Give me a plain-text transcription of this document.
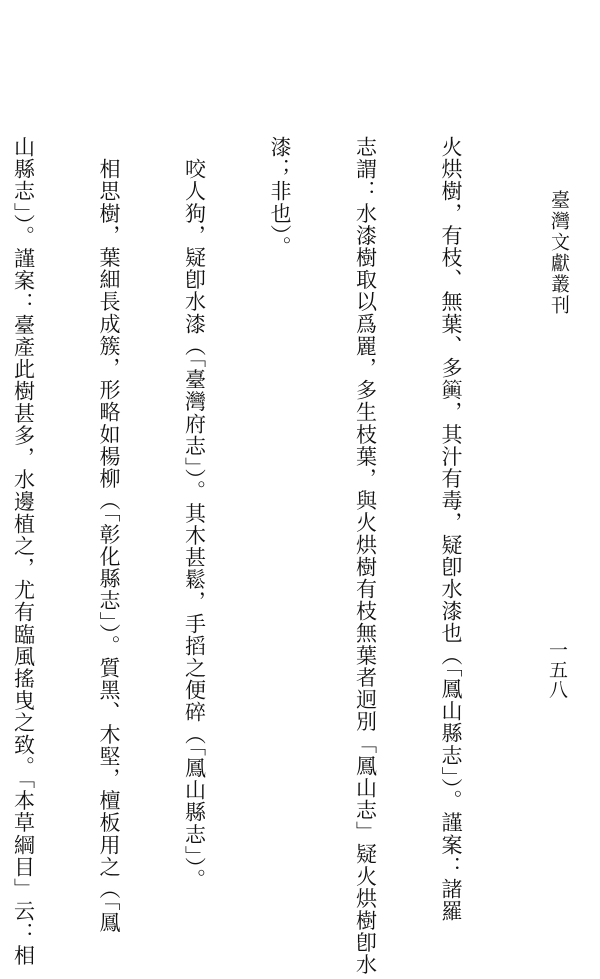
臺灣文獻叢刊
一五八

火烘樹，有枝、無葉、多𥷔，其汁有毒，疑卽水漆也（「鳳山縣志」）。謹案：諸羅

志謂：水漆樹取以爲䍡，多生枝葉，與火烘樹有枝無葉者迥別「鳳山志」疑火烘樹卽水

漆；非也）。

　咬人狗，疑卽水漆（「臺灣府志」）。其木甚鬆，手搯之便碎（「鳳山縣志」）。

　相思樹，葉細長成簇，形略如楊柳（「彰化縣志」）。質黑、木堅，檀板用之（「鳳

山縣志」）。謹案：臺產此樹甚多，水邊植之，尤有臨風搖曳之致。「本草綱目」云：相
